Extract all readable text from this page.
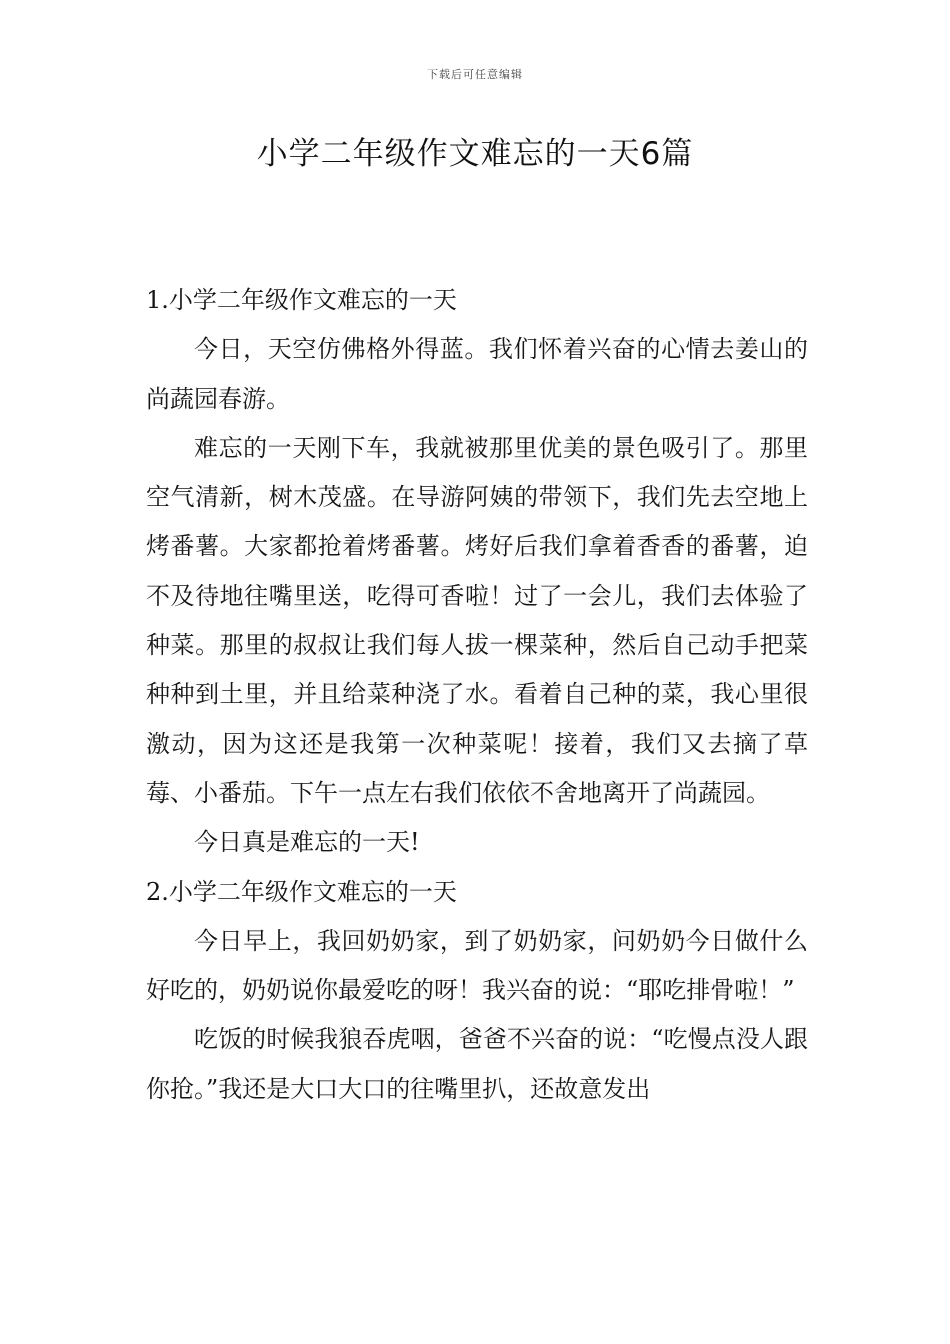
下载后可任意编辑
小学二年级作文难忘的一天6篇

1.小学二年级作文难忘的一天

今日，天空仿佛格外得蓝。我们怀着兴奋的心情去姜山的尚蔬园春游。

难忘的一天刚下车，我就被那里优美的景色吸引了。那里空气清新，树木茂盛。在导游阿姨的带领下，我们先去空地上烤番薯。大家都抢着烤番薯。烤好后我们拿着香香的番薯，迫不及待地往嘴里送，吃得可香啦！过了一会儿，我们去体验了种菜。那里的叔叔让我们每人拔一棵菜种，然后自己动手把菜种种到土里，并且给菜种浇了水。看着自己种的菜，我心里很激动，因为这还是我第一次种菜呢！接着，我们又去摘了草莓、小番茄。下午一点左右我们依依不舍地离开了尚蔬园。

今日真是难忘的一天!

2.小学二年级作文难忘的一天

今日早上，我回奶奶家，到了奶奶家，问奶奶今日做什么好吃的，奶奶说你最爱吃的呀！我兴奋的说：“耶吃排骨啦！”

吃饭的时候我狼吞虎咽，爸爸不兴奋的说：“吃慢点没人跟你抢。”我还是大口大口的往嘴里扒，还故意发出
